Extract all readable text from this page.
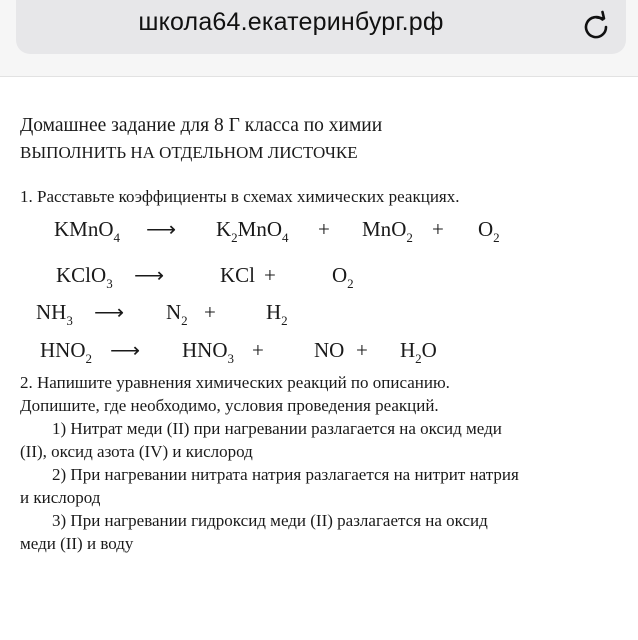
школа64.екатеринбург.рф
Домашнее задание для 8 Г класса по химии
ВЫПОЛНИТЬ НА ОТДЕЛЬНОМ ЛИСТОЧКЕ
1. Расставьте коэффициенты в схемах химических реакциях.
KMnO$_4$ ⟶ $K_2MnO_4 + MnO_2 + O_2$
KClO$_3$ ⟶	KCl +	$O_2$
$NH_3$ ⟶ $N_2 + H_2$
$HNO_2$ ⟶ $HNO_3$ + NO + $H_2O$
2. Напишите уравнения химических реакций по описанию.
Допишите, где необходимо, условия проведения реакций.
1) Нитрат меди (II) при нагревании разлагается на оксид меди
(II), оксид азота (IV) и кислород
2) При нагревании нитрата натрия разлагается на нитрит натрия
и кислород
3) При нагревании гидроксид меди (II) разлагается на оксид
меди (II) и воду
